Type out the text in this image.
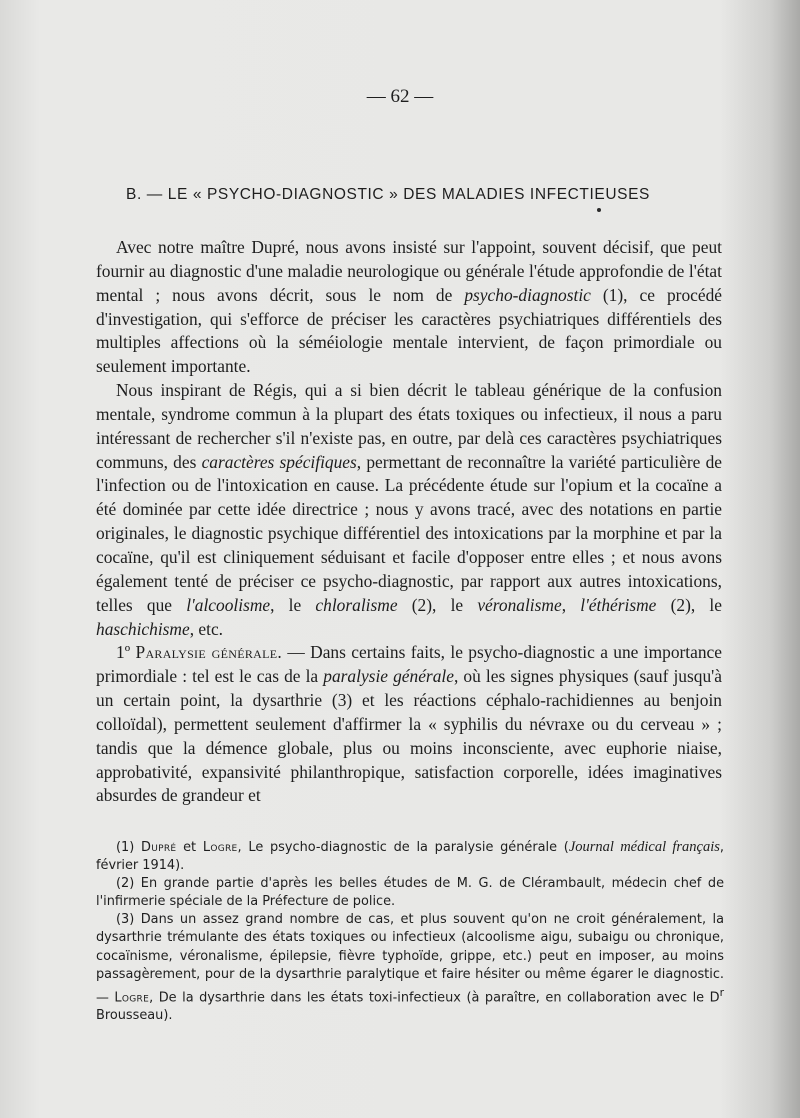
— 62 —
B. — LE « PSYCHO-DIAGNOSTIC » DES MALADIES INFECTIEUSES

Avec notre maître Dupré, nous avons insisté sur l'appoint, souvent décisif, que peut fournir au diagnostic d'une maladie neurologique ou générale l'étude approfondie de l'état mental ; nous avons décrit, sous le nom de psycho-diagnostic (1), ce procédé d'investigation, qui s'efforce de préciser les caractères psychiatriques différentiels des multiples affections où la séméiologie mentale intervient, de façon primordiale ou seulement importante.

Nous inspirant de Régis, qui a si bien décrit le tableau générique de la confusion mentale, syndrome commun à la plupart des états toxiques ou infectieux, il nous a paru intéressant de rechercher s'il n'existe pas, en outre, par delà ces caractères psychiatriques communs, des caractères spécifiques, permettant de reconnaître la variété particulière de l'infection ou de l'intoxication en cause. La précédente étude sur l'opium et la cocaïne a été dominée par cette idée directrice ; nous y avons tracé, avec des notations en partie originales, le diagnostic psychique différentiel des intoxications par la morphine et par la cocaïne, qu'il est cliniquement séduisant et facile d'opposer entre elles ; et nous avons également tenté de préciser ce psycho-diagnostic, par rapport aux autres intoxications, telles que l'alcoolisme, le chloralisme (2), le véronalisme, l'éthérisme (2), le haschichisme, etc.

1º Paralysie générale. — Dans certains faits, le psycho-diagnostic a une importance primordiale : tel est le cas de la paralysie générale, où les signes physiques (sauf jusqu'à un certain point, la dysarthrie (3) et les réactions céphalo-rachidiennes au benjoin colloïdal), permettent seulement d'affirmer la « syphilis du névraxe ou du cerveau » ; tandis que la démence globale, plus ou moins inconsciente, avec euphorie niaise, approbativité, expansivité philanthropique, satisfaction corporelle, idées imaginatives absurdes de grandeur et

(1) Dupré et Logre, Le psycho-diagnostic de la paralysie générale (Journal médical français, février 1914).

(2) En grande partie d'après les belles études de M. G. de Clérambault, médecin chef de l'infirmerie spéciale de la Préfecture de police.

(3) Dans un assez grand nombre de cas, et plus souvent qu'on ne croit généralement, la dysarthrie trémulante des états toxiques ou infectieux (alcoolisme aigu, subaigu ou chronique, cocaïnisme, véronalisme, épilepsie, fièvre typhoïde, grippe, etc.) peut en imposer, au moins passagèrement, pour de la dysarthrie paralytique et faire hésiter ou même égarer le diagnostic. — Logre, De la dysarthrie dans les états toxi-infectieux (à paraître, en collaboration avec le $D^r$ Brousseau).
